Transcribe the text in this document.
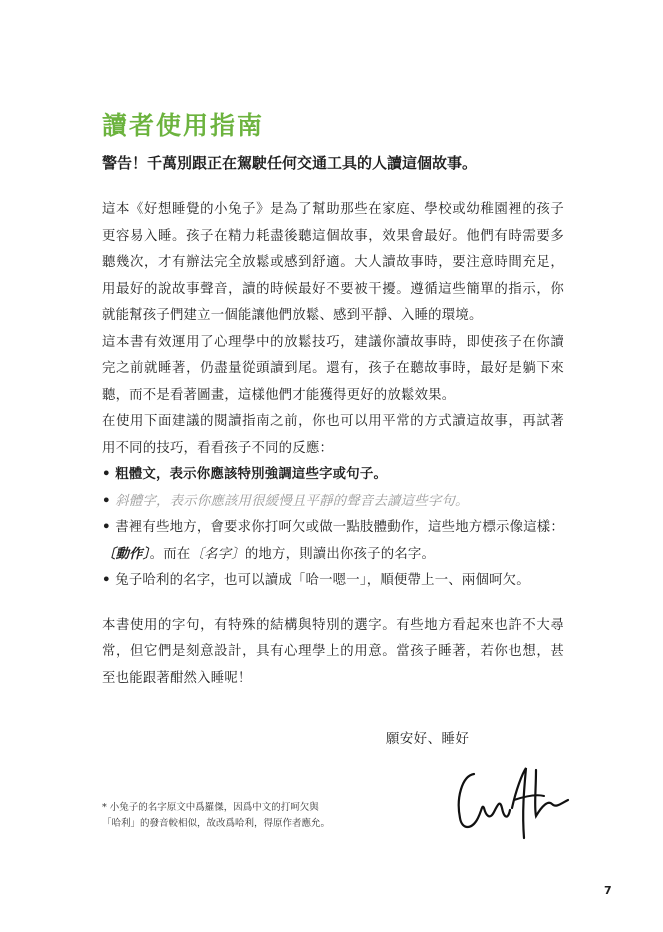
讀者使用指南

警告！千萬別跟正在駕駛任何交通工具的人讀這個故事。

這本《好想睡覺的小兔子》是為了幫助那些在家庭、學校或幼稚園裡的孩子更容易入睡。孩子在精力耗盡後聽這個故事，效果會最好。他們有時需要多聽幾次，才有辦法完全放鬆或感到舒適。大人讀故事時，要注意時間充足，用最好的說故事聲音，讀的時候最好不要被干擾。遵循這些簡單的指示，你就能幫孩子們建立一個能讓他們放鬆、感到平靜、入睡的環境。

這本書有效運用了心理學中的放鬆技巧，建議你讀故事時，即使孩子在你讀完之前就睡著，仍盡量從頭讀到尾。還有，孩子在聽故事時，最好是躺下來聽，而不是看著圖畫，這樣他們才能獲得更好的放鬆效果。

在使用下面建議的閱讀指南之前，你也可以用平常的方式讀這故事，再試著用不同的技巧，看看孩子不同的反應：

• 粗體文，表示你應該特別強調這些字或句子。
• 斜體字，表示你應該用很緩慢且平靜的聲音去讀這些字句。
• 書裡有些地方，會要求你打呵欠或做一點肢體動作，這些地方標示像這樣：〔動作〕。而在〔名字〕的地方，則讀出你孩子的名字。
• 兔子哈利的名字，也可以讀成「哈一嗯一」，順便帶上一、兩個呵欠。

本書使用的字句，有特殊的結構與特別的選字。有些地方看起來也許不大尋常，但它們是刻意設計，具有心理學上的用意。當孩子睡著，若你也想，甚至也能跟著酣然入睡呢！

願安好、睡好

* 小兔子的名字原文中爲羅傑，因爲中文的打呵欠與

「哈利」的發音較相似，故改爲哈利，得原作者應允。

7
